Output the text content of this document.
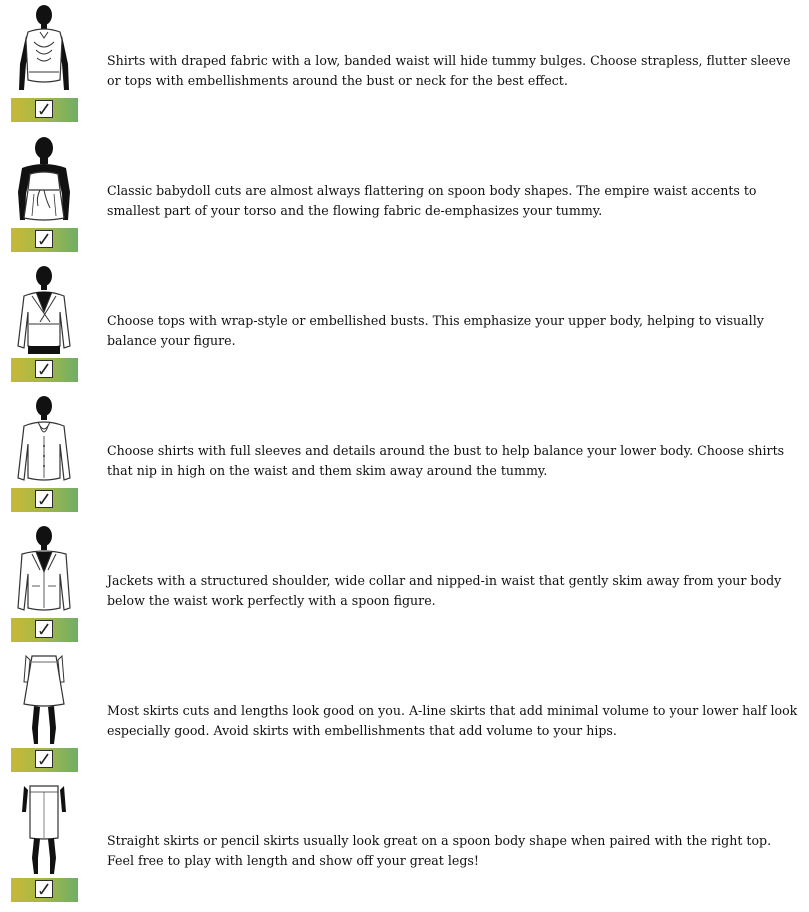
Shirts with draped fabric with a low, banded waist will hide tummy bulges. Choose strapless, flutter sleeve or tops with embellishments around the bust or neck for the best effect.
Classic babydoll cuts are almost always flattering on spoon body shapes. The empire waist accents to smallest part of your torso and the flowing fabric de-emphasizes your tummy.
Choose tops with wrap-style or embellished busts. This emphasize your upper body, helping to visually balance your figure.
Choose shirts with full sleeves and details around the bust to help balance your lower body. Choose shirts that nip in high on the waist and them skim away around the tummy.
Jackets with a structured shoulder, wide collar and nipped-in waist that gently skim away from your body below the waist work perfectly with a spoon figure.
Most skirts cuts and lengths look good on you. A-line skirts that add minimal volume to your lower half look especially good. Avoid skirts with embellishments that add volume to your hips.
Straight skirts or pencil skirts usually look great on a spoon body shape when paired with the right top. Feel free to play with length and show off your great legs!
